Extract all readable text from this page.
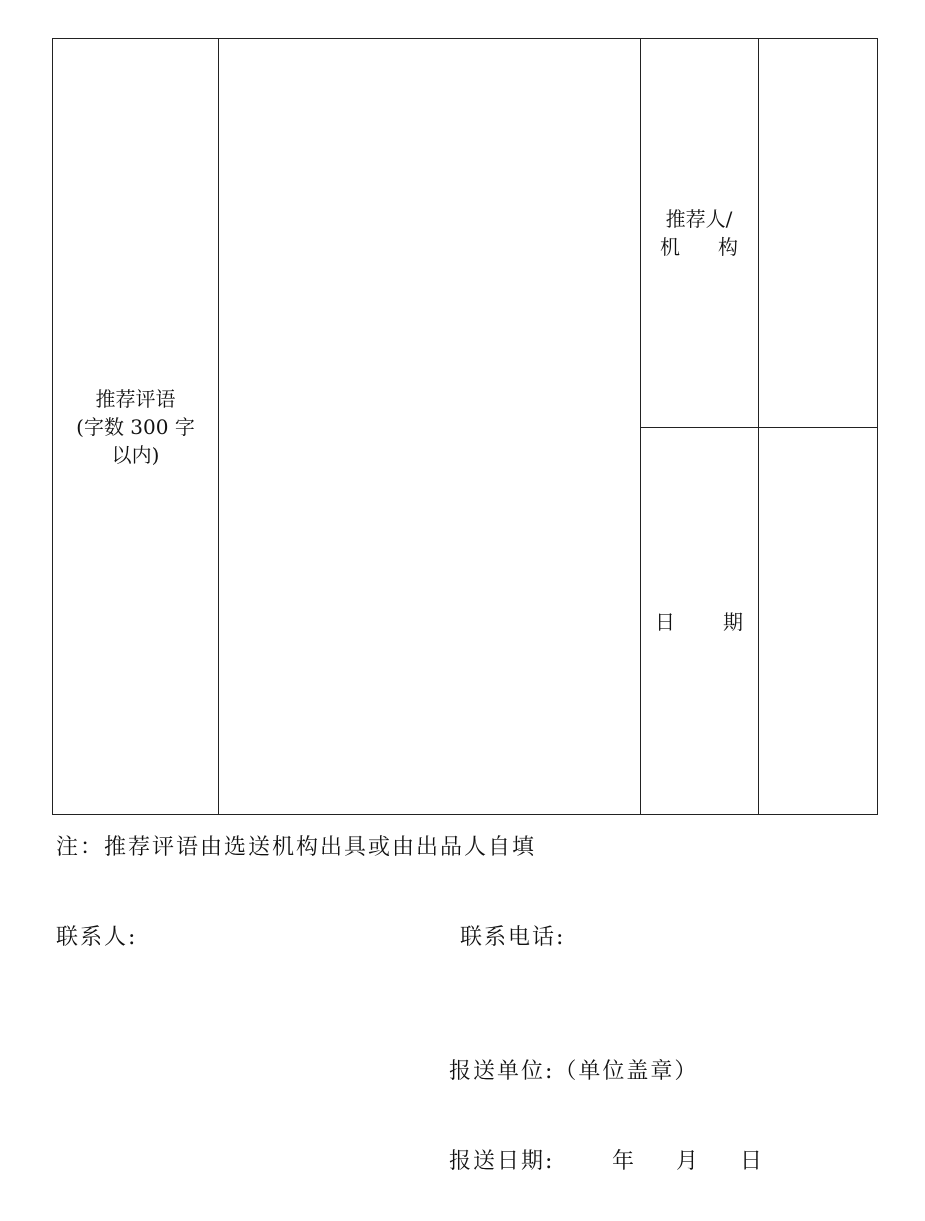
推荐评语
(字数 300 字
以内)
推荐人/
机 构
日 期
注：推荐评语由选送机构出具或由出品人自填
联系人:	联系电话:
报送单位:（单位盖章）
报送日期:	年 月 日
